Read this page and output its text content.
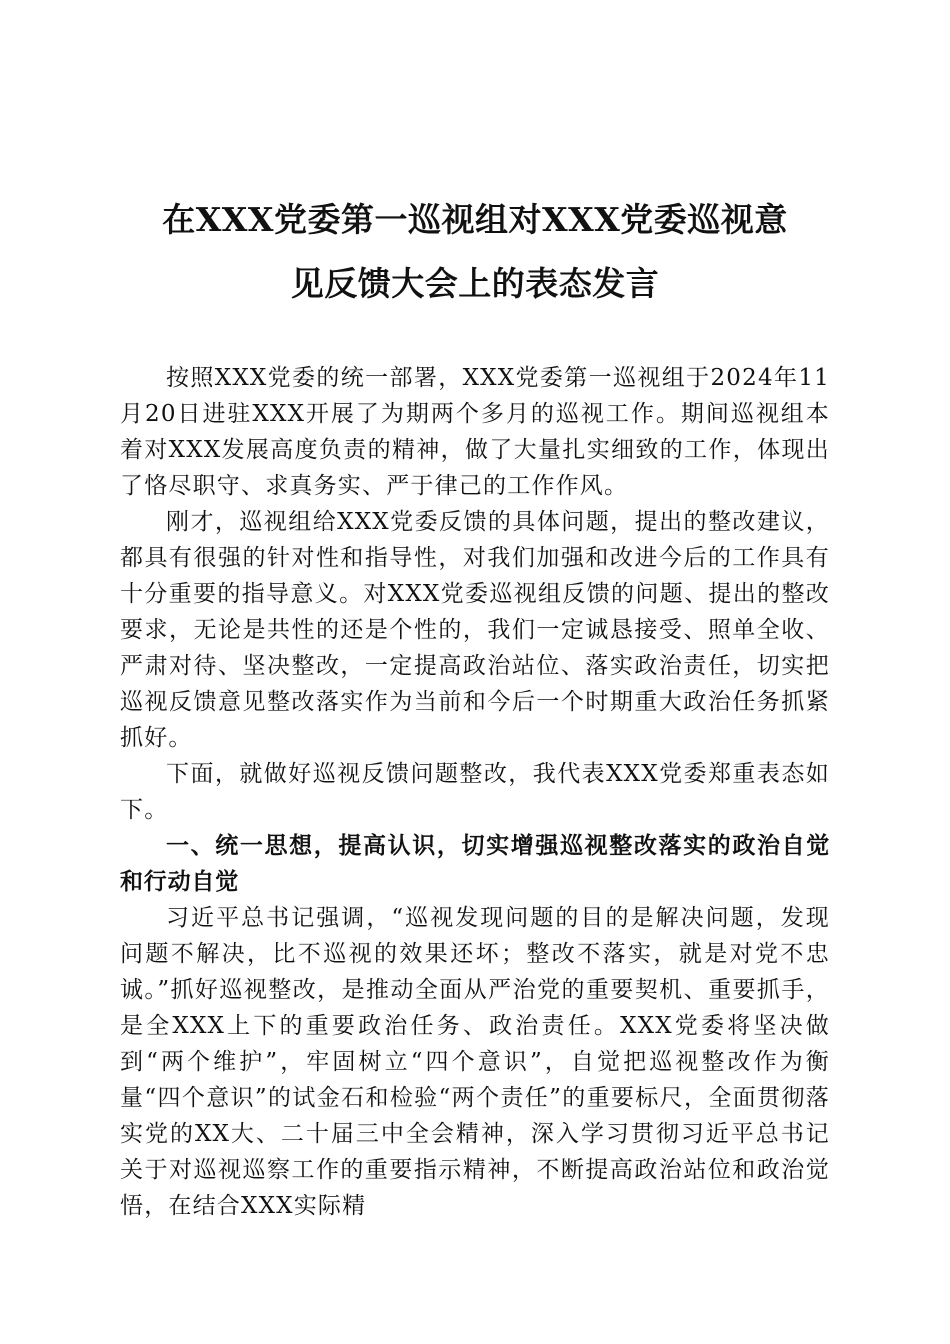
在XXX党委第一巡视组对XXX党委巡视意
见反馈大会上的表态发言

按照XXX党委的统一部署，XXX党委第一巡视组于2024年11月20日进驻XXX开展了为期两个多月的巡视工作。期间巡视组本着对XXX发展高度负责的精神，做了大量扎实细致的工作，体现出了恪尽职守、求真务实、严于律己的工作作风。

刚才，巡视组给XXX党委反馈的具体问题，提出的整改建议，都具有很强的针对性和指导性，对我们加强和改进今后的工作具有十分重要的指导意义。对XXX党委巡视组反馈的问题、提出的整改要求，无论是共性的还是个性的，我们一定诚恳接受、照单全收、严肃对待、坚决整改，一定提高政治站位、落实政治责任，切实把巡视反馈意见整改落实作为当前和今后一个时期重大政治任务抓紧抓好。

下面，就做好巡视反馈问题整改，我代表XXX党委郑重表态如下。

一、统一思想，提高认识，切实增强巡视整改落实的政治自觉和行动自觉

习近平总书记强调，“巡视发现问题的目的是解决问题，发现问题不解决，比不巡视的效果还坏；整改不落实，就是对党不忠诚。”抓好巡视整改，是推动全面从严治党的重要契机、重要抓手，是全XXX上下的重要政治任务、政治责任。XXX党委将坚决做到“两个维护”，牢固树立“四个意识”，自觉把巡视整改作为衡量“四个意识”的试金石和检验“两个责任”的重要标尺，全面贯彻落实党的XX大、二十届三中全会精神，深入学习贯彻习近平总书记关于对巡视巡察工作的重要指示精神，不断提高政治站位和政治觉悟，在结合XXX实际精
